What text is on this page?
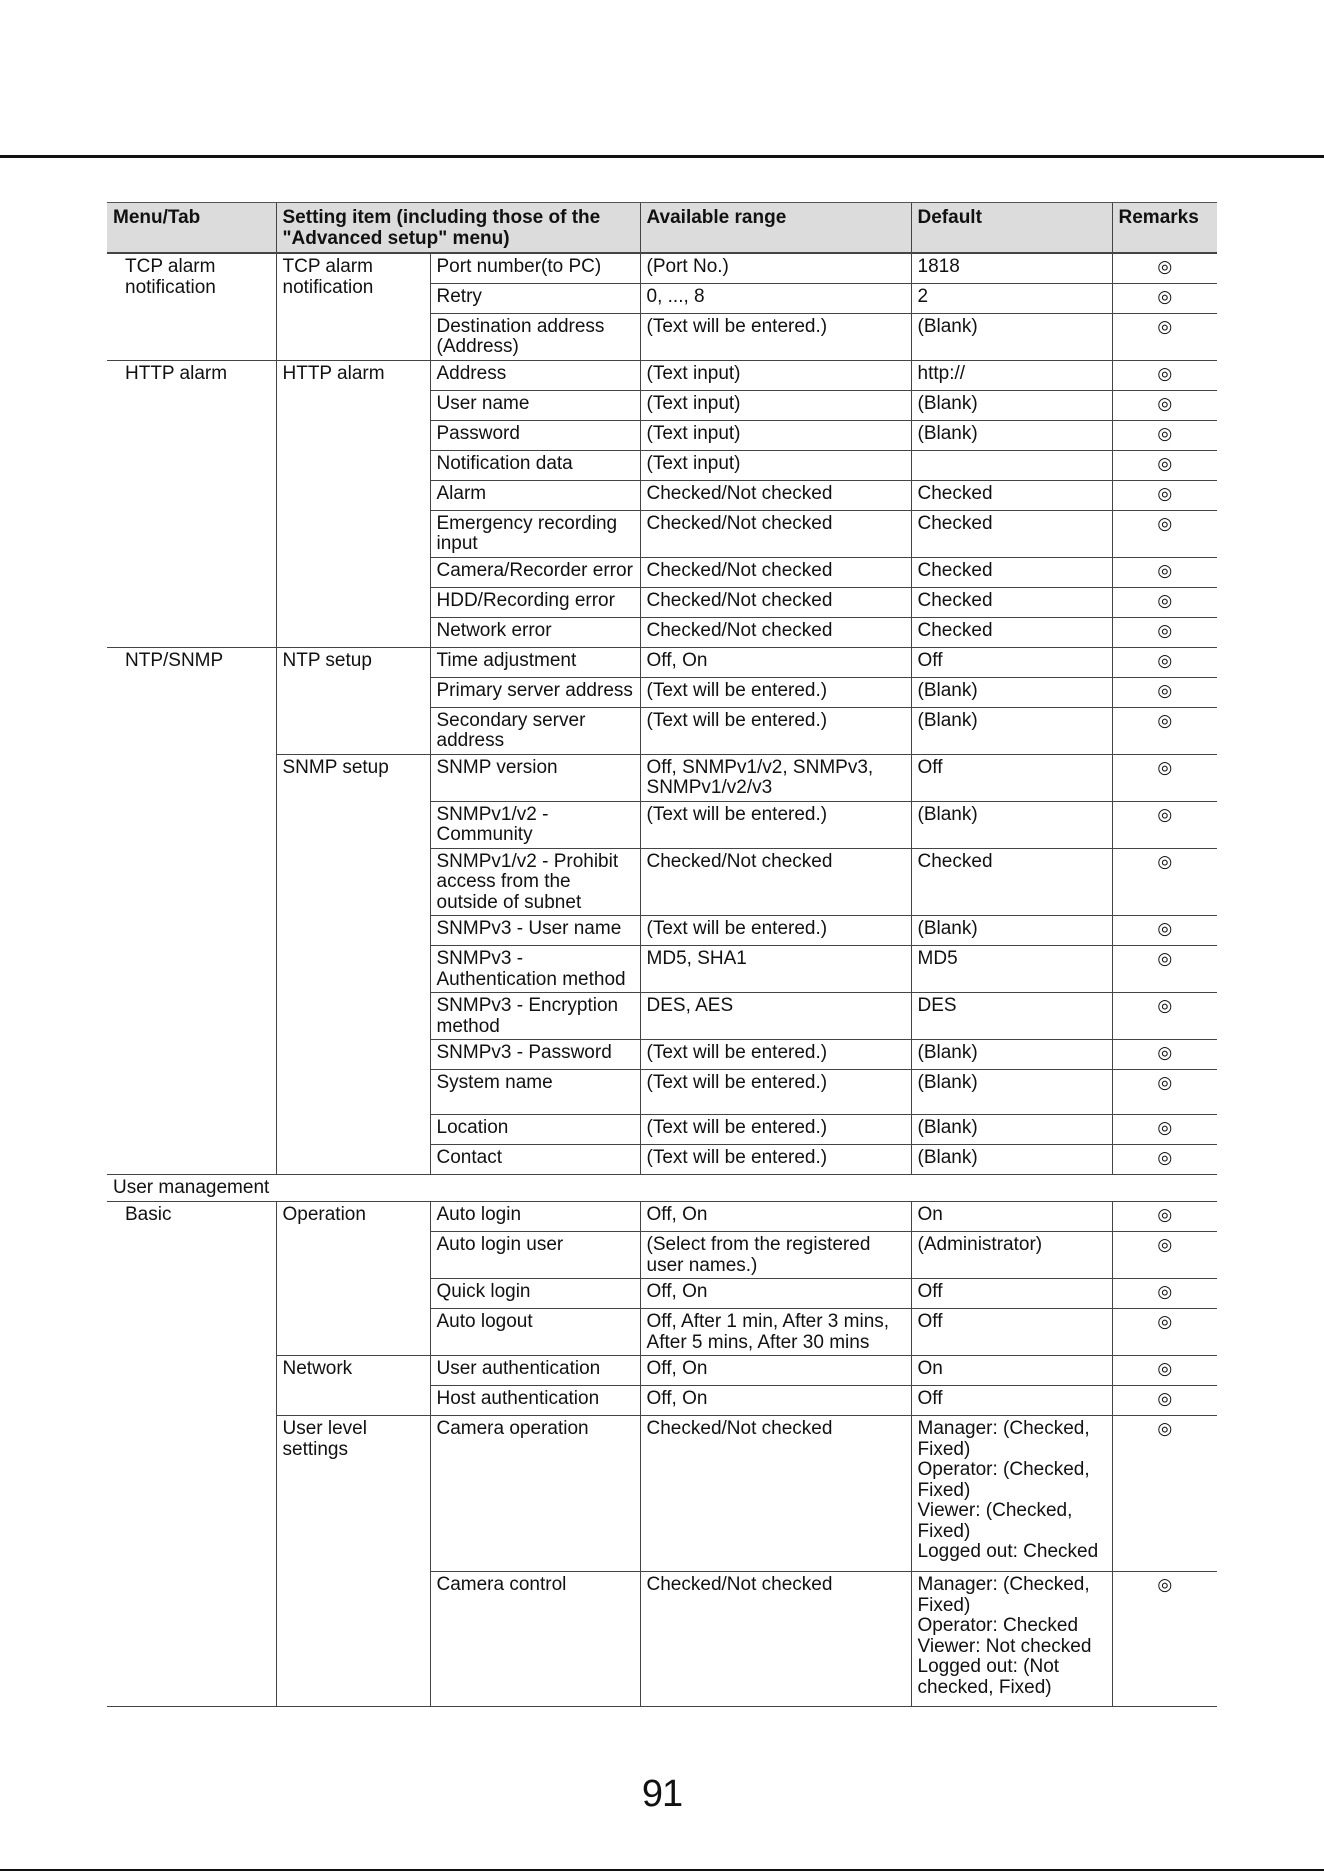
Menu/Tab	Setting item (including those of the "Advanced setup" menu)		Available range	Default	Remarks
TCP alarm notification	TCP alarm notification	Port number(to PC)	(Port No.)	1818	◎
		Retry	0, ..., 8	2	◎
		Destination address (Address)	(Text will be entered.)	(Blank)	◎
HTTP alarm	HTTP alarm	Address	(Text input)	http://	◎
		User name	(Text input)	(Blank)	◎
		Password	(Text input)	(Blank)	◎
		Notification data	(Text input)		◎
		Alarm	Checked/Not checked	Checked	◎
		Emergency recording input	Checked/Not checked	Checked	◎
		Camera/Recorder error	Checked/Not checked	Checked	◎
		HDD/Recording error	Checked/Not checked	Checked	◎
		Network error	Checked/Not checked	Checked	◎
NTP/SNMP	NTP setup	Time adjustment	Off, On	Off	◎
		Primary server address	(Text will be entered.)	(Blank)	◎
		Secondary server address	(Text will be entered.)	(Blank)	◎
	SNMP setup	SNMP version	Off, SNMPv1/v2, SNMPv3, SNMPv1/v2/v3	Off	◎
		SNMPv1/v2 - Community	(Text will be entered.)	(Blank)	◎
		SNMPv1/v2 - Prohibit access from the outside of subnet	Checked/Not checked	Checked	◎
		SNMPv3 - User name	(Text will be entered.)	(Blank)	◎
		SNMPv3 - Authentication method	MD5, SHA1	MD5	◎
		SNMPv3 - Encryption method	DES, AES	DES	◎
		SNMPv3 - Password	(Text will be entered.)	(Blank)	◎
		System name	(Text will be entered.)	(Blank)	◎
		Location	(Text will be entered.)	(Blank)	◎
		Contact	(Text will be entered.)	(Blank)	◎
User management					
Basic	Operation	Auto login	Off, On	On	◎
		Auto login user	(Select from the registered user names.)	(Administrator)	◎
		Quick login	Off, On	Off	◎
		Auto logout	Off, After 1 min, After 3 mins, After 5 mins, After 30 mins	Off	◎
	Network	User authentication	Off, On	On	◎
		Host authentication	Off, On	Off	◎
	User level settings	Camera operation	Checked/Not checked	Manager: (Checked, Fixed)
Operator: (Checked, Fixed)
Viewer: (Checked, Fixed)
Logged out: Checked	◎
		Camera control	Checked/Not checked	Manager: (Checked, Fixed)
Operator: Checked
Viewer: Not checked
Logged out: (Not checked, Fixed)	◎
91
